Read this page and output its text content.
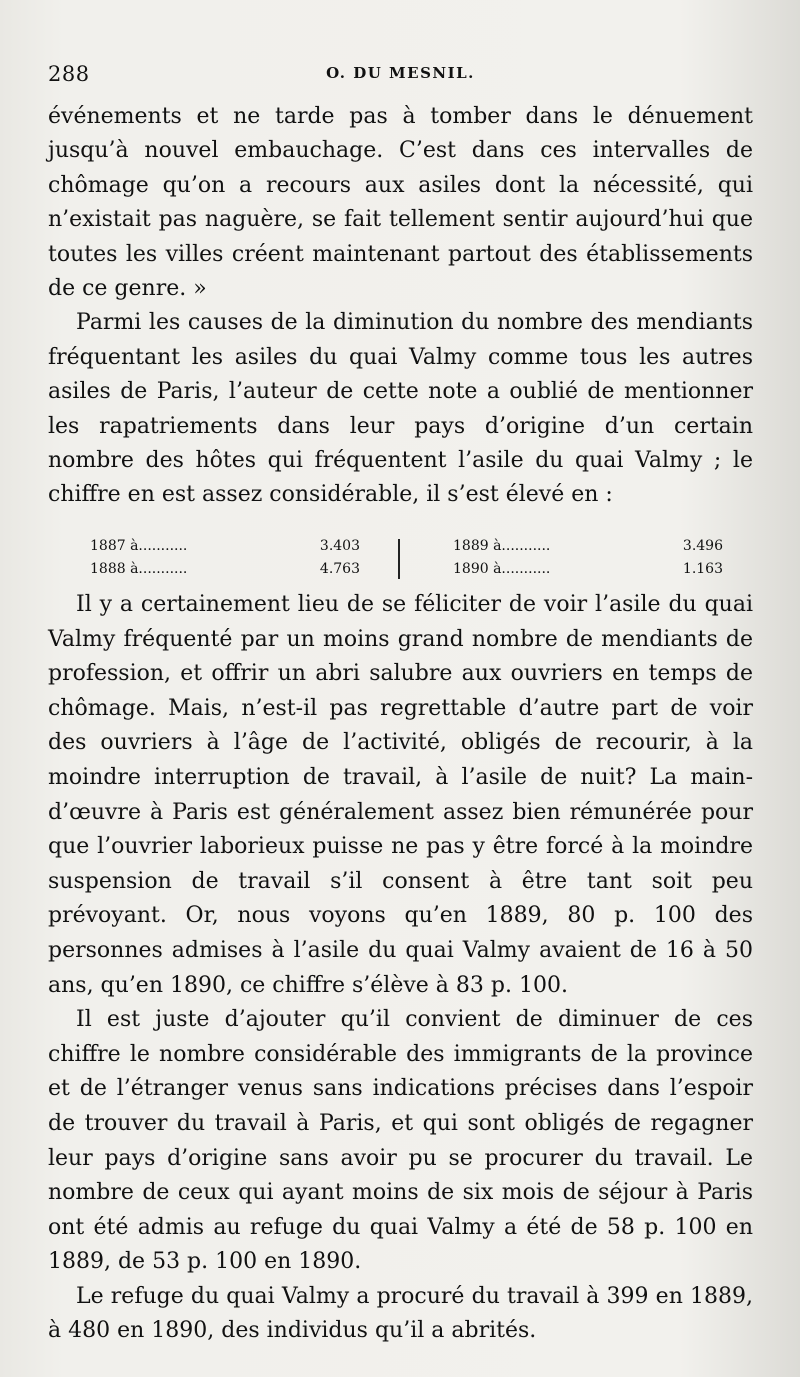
288	O. DU MESNIL.

événements et ne tarde pas à tomber dans le dénuement jusqu’à nouvel embauchage. C’est dans ces intervalles de chômage qu’on a recours aux asiles dont la nécessité, qui n’existait pas naguère, se fait tellement sentir aujourd’hui que toutes les villes créent maintenant partout des établissements de ce genre. »

Parmi les causes de la diminution du nombre des mendiants fréquentant les asiles du quai Valmy comme tous les autres asiles de Paris, l’auteur de cette note a oublié de mentionner les rapatriements dans leur pays d’origine d’un certain nombre des hôtes qui fréquentent l’asile du quai Valmy ; le chiffre en est assez considérable, il s’est élevé en :

1887 à...........	3.403
1888 à...........	4.763
1889 à...........	3.496
1890 à...........	1.163

Il y a certainement lieu de se féliciter de voir l’asile du quai Valmy fréquenté par un moins grand nombre de mendiants de profession, et offrir un abri salubre aux ouvriers en temps de chômage. Mais, n’est-il pas regrettable d’autre part de voir des ouvriers à l’âge de l’activité, obligés de recourir, à la moindre interruption de travail, à l’asile de nuit? La main-d’œuvre à Paris est généralement assez bien rémunérée pour que l’ouvrier laborieux puisse ne pas y être forcé à la moindre suspension de travail s’il consent à être tant soit peu prévoyant. Or, nous voyons qu’en 1889, 80 p. 100 des personnes admises à l’asile du quai Valmy avaient de 16 à 50 ans, qu’en 1890, ce chiffre s’élève à 83 p. 100.

Il est juste d’ajouter qu’il convient de diminuer de ces chiffre le nombre considérable des immigrants de la province et de l’étranger venus sans indications précises dans l’espoir de trouver du travail à Paris, et qui sont obligés de regagner leur pays d’origine sans avoir pu se procurer du travail. Le nombre de ceux qui ayant moins de six mois de séjour à Paris ont été admis au refuge du quai Valmy a été de 58 p. 100 en 1889, de 53 p. 100 en 1890.

Le refuge du quai Valmy a procuré du travail à 399 en 1889, à 480 en 1890, des individus qu’il a abrités.
